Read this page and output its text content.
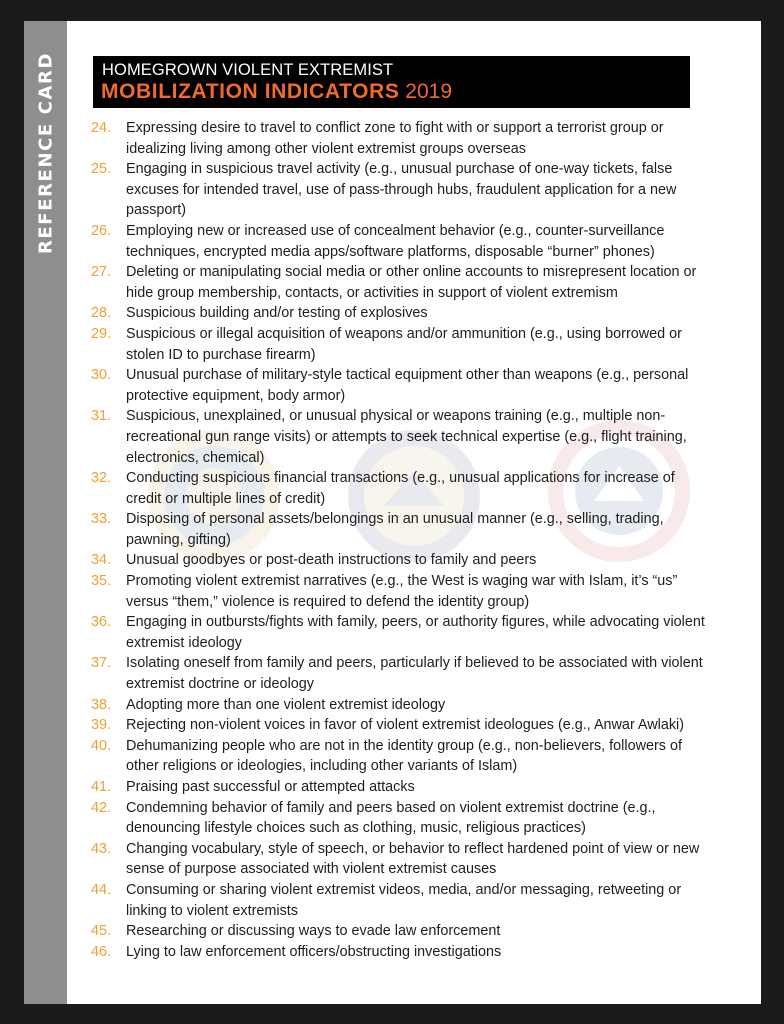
REFERENCE CARD	HOMEGROWN VIOLENT EXTREMIST
MOBILIZATION INDICATORS 2019
24.	Expressing desire to travel to conflict zone to fight with or support a terrorist group or idealizing living among other violent extremist groups overseas
25.	Engaging in suspicious travel activity (e.g., unusual purchase of one-way tickets, false excuses for intended travel, use of pass-through hubs, fraudulent application for a new passport)
26.	Employing new or increased use of concealment behavior (e.g., counter-surveillance techniques, encrypted media apps/software platforms, disposable “burner” phones)
27.	Deleting or manipulating social media or other online accounts to misrepresent location or hide group membership, contacts, or activities in support of violent extremism
28.	Suspicious building and/or testing of explosives
29.	Suspicious or illegal acquisition of weapons and/or ammunition (e.g., using borrowed or stolen ID to purchase firearm)
30.	Unusual purchase of military-style tactical equipment other than weapons (e.g., personal protective equipment, body armor)
31.	Suspicious, unexplained, or unusual physical or weapons training (e.g., multiple non-recreational gun range visits) or attempts to seek technical expertise (e.g., flight training, electronics, chemical)
32.	Conducting suspicious financial transactions (e.g., unusual applications for increase of credit or multiple lines of credit)
33.	Disposing of personal assets/belongings in an unusual manner (e.g., selling, trading, pawning, gifting)
34.	Unusual goodbyes or post-death instructions to family and peers
35.	Promoting violent extremist narratives (e.g., the West is waging war with Islam, it’s “us” versus “them,” violence is required to defend the identity group)
36.	Engaging in outbursts/fights with family, peers, or authority figures, while advocating violent extremist ideology
37.	Isolating oneself from family and peers, particularly if believed to be associated with violent extremist doctrine or ideology
38.	Adopting more than one violent extremist ideology
39.	Rejecting non-violent voices in favor of violent extremist ideologues (e.g., Anwar Awlaki)
40.	Dehumanizing people who are not in the identity group (e.g., non-believers, followers of other religions or ideologies, including other variants of Islam)
41.	Praising past successful or attempted attacks
42.	Condemning behavior of family and peers based on violent extremist doctrine (e.g., denouncing lifestyle choices such as clothing, music, religious practices)
43.	Changing vocabulary, style of speech, or behavior to reflect hardened point of view or new sense of purpose associated with violent extremist causes
44.	Consuming or sharing violent extremist videos, media, and/or messaging, retweeting or linking to violent extremists
45.	Researching or discussing ways to evade law enforcement
46.	Lying to law enforcement officers/obstructing investigations
